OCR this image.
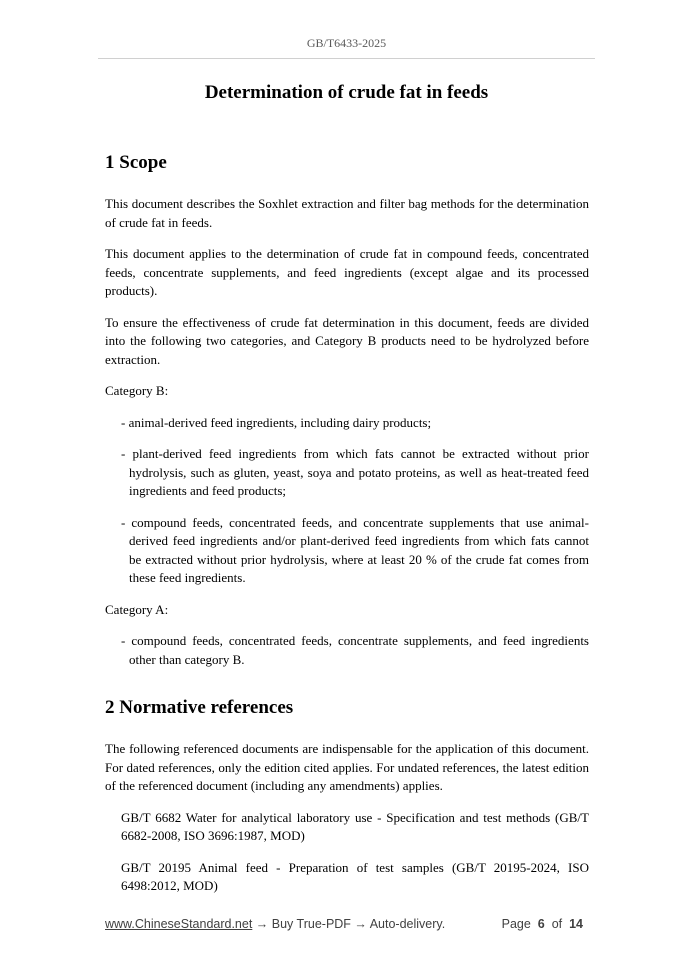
GB/T6433-2025
Determination of crude fat in feeds
1 Scope

This document describes the Soxhlet extraction and filter bag methods for the determination of crude fat in feeds.

This document applies to the determination of crude fat in compound feeds, concentrated feeds, concentrate supplements, and feed ingredients (except algae and its processed products).

To ensure the effectiveness of crude fat determination in this document, feeds are divided into the following two categories, and Category B products need to be hydrolyzed before extraction.

Category B:

- animal-derived feed ingredients, including dairy products;

- plant-derived feed ingredients from which fats cannot be extracted without prior hydrolysis, such as gluten, yeast, soya and potato proteins, as well as heat-treated feed ingredients and feed products;

- compound feeds, concentrated feeds, and concentrate supplements that use animal-derived feed ingredients and/or plant-derived feed ingredients from which fats cannot be extracted without prior hydrolysis, where at least 20 % of the crude fat comes from these feed ingredients.

Category A:

- compound feeds, concentrated feeds, concentrate supplements, and feed ingredients other than category B.

2 Normative references

The following referenced documents are indispensable for the application of this document. For dated references, only the edition cited applies. For undated references, the latest edition of the referenced document (including any amendments) applies.

GB/T 6682 Water for analytical laboratory use - Specification and test methods (GB/T 6682-2008, ISO 3696:1987, MOD)

GB/T 20195 Animal feed - Preparation of test samples (GB/T 20195-2024, ISO 6498:2012, MOD)

www.ChineseStandard.net → Buy True-PDF → Auto-delivery.	Page 6 of 14
